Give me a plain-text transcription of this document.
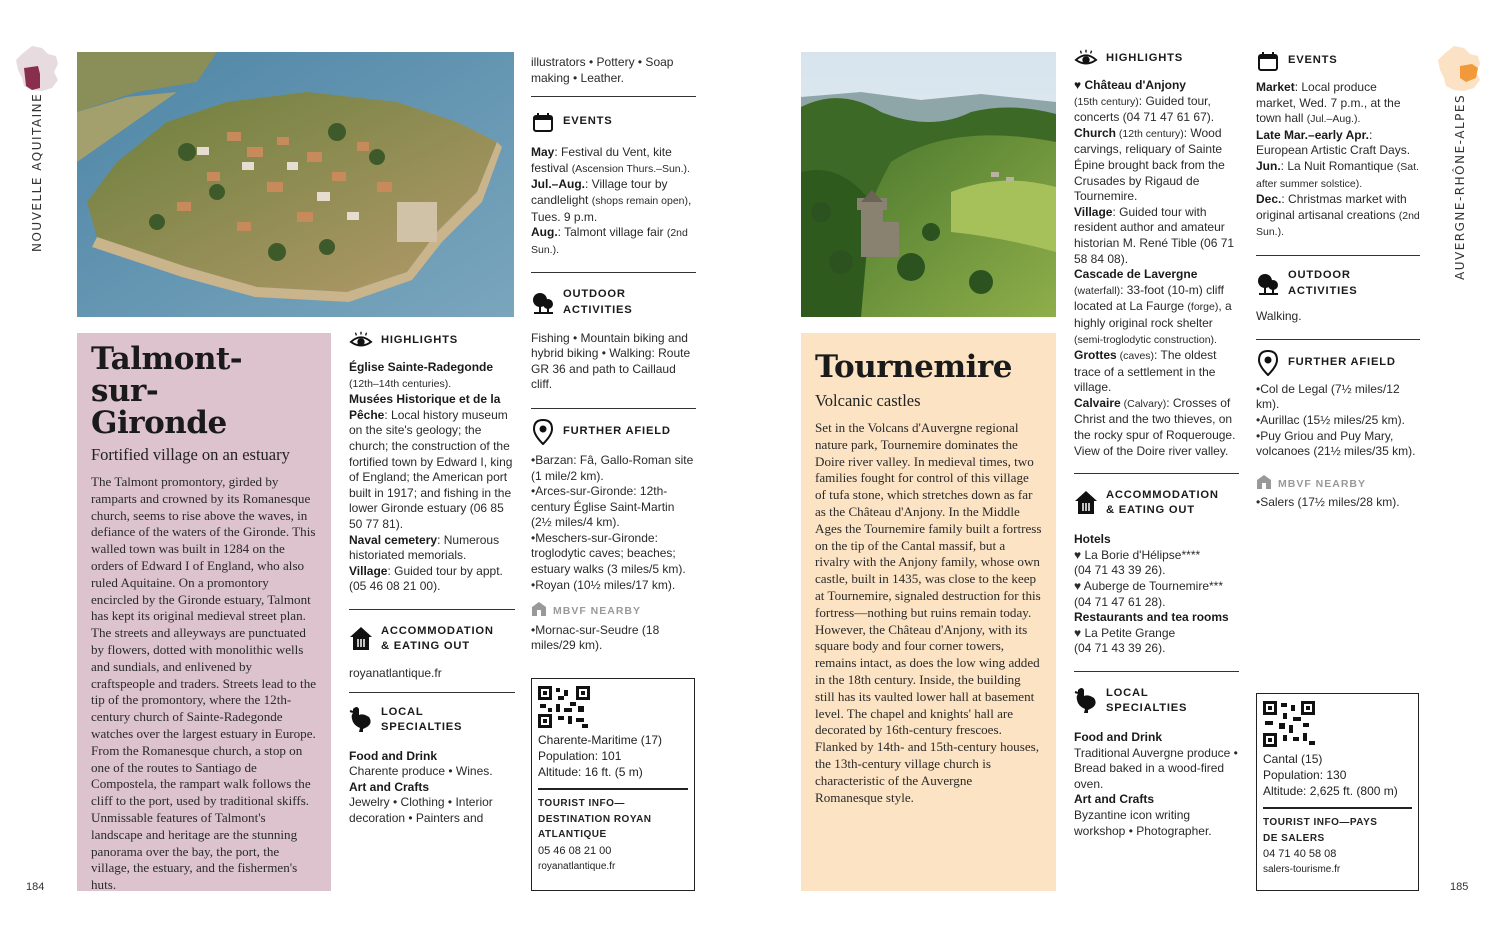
NOUVELLE AQUITAINE
184
Talmont-sur-Gironde
Fortified village on an estuary

The Talmont promontory, girded by ramparts and crowned by its Romanesque church, seems to rise above the waves, in defiance of the waters of the Gironde. This walled town was built in 1284 on the orders of Edward I of England, who also ruled Aquitaine. On a promontory encircled by the Gironde estuary, Talmont has kept its original medieval street plan. The streets and alleyways are punctuated by flowers, dotted with monolithic wells and sundials, and enlivened by craftspeople and traders. Streets lead to the tip of the promontory, where the 12th-century church of Sainte-Radegonde watches over the largest estuary in Europe. From the Romanesque church, a stop on one of the routes to Santiago de Compostela, the rampart walk follows the cliff to the port, used by traditional skiffs. Unmissable features of Talmont's landscape and heritage are the stunning panorama over the bay, the port, the village, the estuary, and the fishermen's huts.

HIGHLIGHTS
Église Sainte-Radegonde
(12th–14th centuries).
Musées Historique et de la Pêche: Local history museum on the site's geology; the church; the construction of the fortified town by Edward I, king of England; the American port built in 1917; and fishing in the lower Gironde estuary (06 85 50 77 81).
Naval cemetery: Numerous historiated memorials.
Village: Guided tour by appt. (05 46 08 21 00).
ACCOMMODATION
& EATING OUT
royanatlantique.fr
LOCAL
SPECIALTIES
Food and Drink
Charente produce • Wines.
Art and Crafts
Jewelry • Clothing • Interior decoration • Painters and
illustrators • Pottery • Soap making • Leather.
EVENTS
May: Festival du Vent, kite festival (Ascension Thurs.–Sun.).
Jul.–Aug.: Village tour by candlelight (shops remain open), Tues. 9 p.m.
Aug.: Talmont village fair (2nd Sun.).
OUTDOOR ACTIVITIES
Fishing • Mountain biking and hybrid biking • Walking: Route GR 36 and path to Caillaud cliff.
FURTHER AFIELD
•Barzan: Fâ, Gallo-Roman site (1 mile/2 km).
•Arces-sur-Gironde: 12th-century Église Saint-Martin (2½ miles/4 km).
•Meschers-sur-Gironde: troglodytic caves; beaches; estuary walks (3 miles/5 km).
•Royan (10½ miles/17 km).
MBVF NEARBY
•Mornac-sur-Seudre (18 miles/29 km).
Charente-Maritime (17)
Population: 101
Altitude: 16 ft. (5 m)
TOURIST INFO—
DESTINATION ROYAN
ATLANTIQUE
05 46 08 21 00
royanatlantique.fr
Tournemire
Volcanic castles

Set in the Volcans d'Auvergne regional nature park, Tournemire dominates the Doire river valley. In medieval times, two families fought for control of this village of tufa stone, which stretches down as far as the Château d'Anjony. In the Middle Ages the Tournemire family built a fortress on the tip of the Cantal massif, but a rivalry with the Anjony family, whose own castle, built in 1435, was close to the keep at Tournemire, signaled destruction for this fortress—nothing but ruins remain today. However, the Château d'Anjony, with its square body and four corner towers, remains intact, as does the low wing added in the 18th century. Inside, the building still has its vaulted lower hall at basement level. The chapel and knights' hall are decorated by 16th-century frescoes. Flanked by 14th- and 15th-century houses, the 13th-century village church is characteristic of the Auvergne Romanesque style.

HIGHLIGHTS
♥ Château d'Anjony
(15th century): Guided tour, concerts (04 71 47 61 67).
Church (12th century): Wood carvings, reliquary of Sainte Épine brought back from the Crusades by Rigaud de Tournemire.
Village: Guided tour with resident author and amateur historian M. René Tible (06 71 58 84 08).
Cascade de Lavergne
(waterfall): 33-foot (10-m) cliff located at La Faurge (forge), a highly original rock shelter (semi-troglodytic construction).
Grottes (caves): The oldest trace of a settlement in the village.
Calvaire (Calvary): Crosses of Christ and the two thieves, on the rocky spur of Roquerouge. View of the Doire river valley.
ACCOMMODATION
& EATING OUT
Hotels
♥ La Borie d'Hélipse****
(04 71 43 39 26).
♥ Auberge de Tournemire***
(04 71 47 61 28).
Restaurants and tea rooms
♥ La Petite Grange
(04 71 43 39 26).
LOCAL
SPECIALTIES
Food and Drink
Traditional Auvergne produce • Bread baked in a wood-fired oven.
Art and Crafts
Byzantine icon writing workshop • Photographer.
EVENTS
Market: Local produce market, Wed. 7 p.m., at the town hall (Jul.–Aug.).
Late Mar.–early Apr.: European Artistic Craft Days.
Jun.: La Nuit Romantique (Sat. after summer solstice).
Dec.: Christmas market with original artisanal creations (2nd Sun.).
OUTDOOR ACTIVITIES
Walking.
FURTHER AFIELD
•Col de Legal (7½ miles/12 km).
•Aurillac (15½ miles/25 km).
•Puy Griou and Puy Mary, volcanoes (21½ miles/35 km).
MBVF NEARBY
•Salers (17½ miles/28 km).
Cantal (15)
Population: 130
Altitude: 2,625 ft. (800 m)
TOURIST INFO—PAYS
DE SALERS
04 71 40 58 08
salers-tourisme.fr
AUVERGNE-RHÔNE-ALPES
185
